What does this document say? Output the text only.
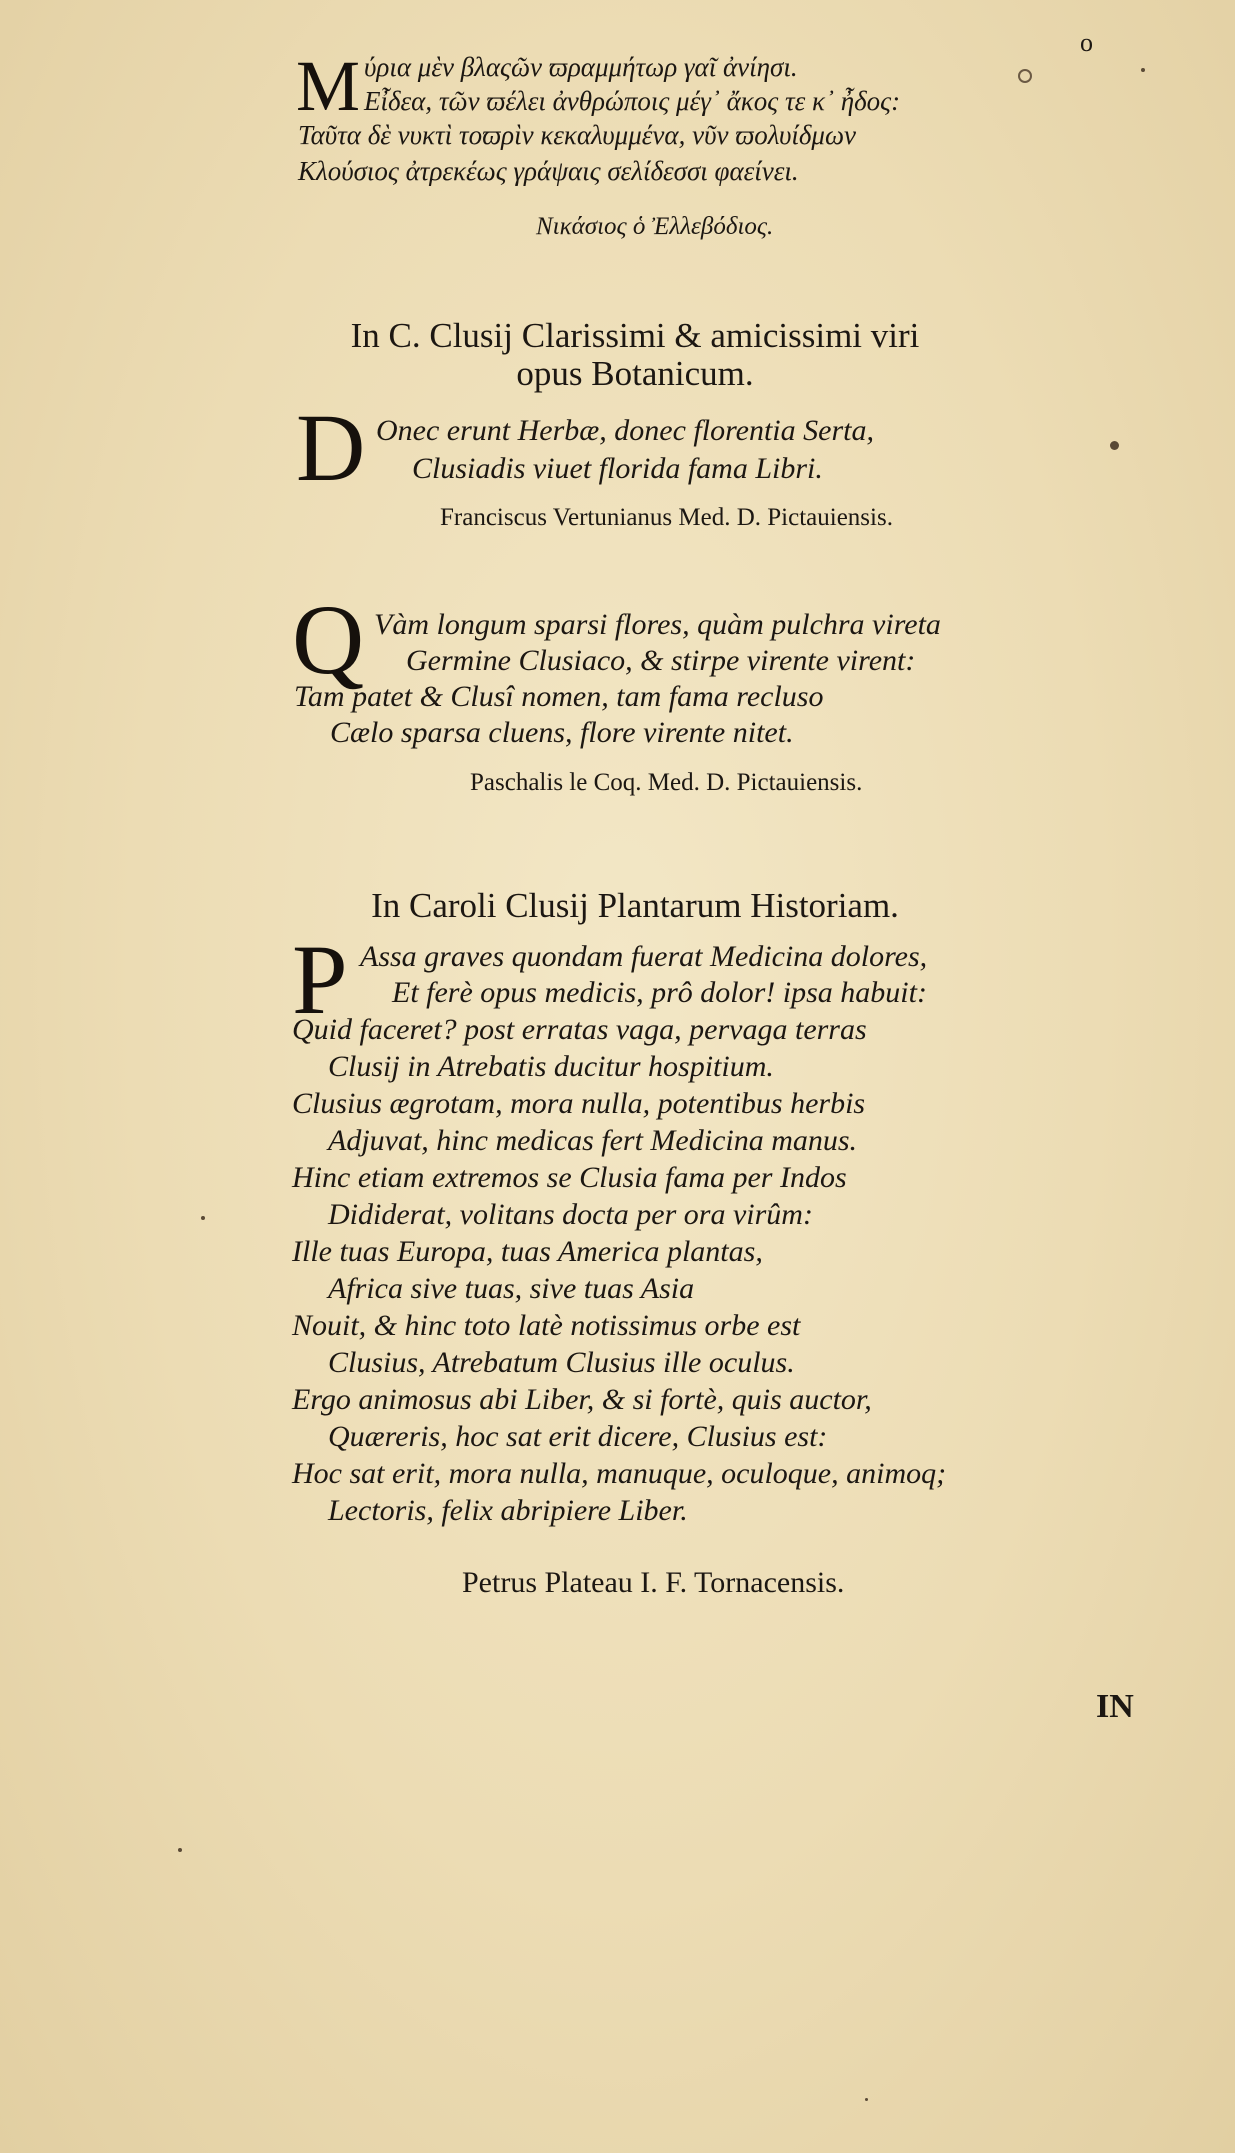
o
M ύρια μὲν βλαςῶν ϖραμμήτωρ γαῖ ἀνίησι.
Εἶδεα, τῶν ϖέλει ἀνθρώποις μέγ᾽ ἄκος τε κ᾽ ἦδος:
Ταῦτα δὲ νυκτὶ τοϖρὶν κεκαλυμμένα, νῦν ϖολυίδμων
Κλούσιος ἀτρεκέως γράψαις σελίδεσσι φαείνει.
Νικάσιος ὁ Ἐλλεβόδιος.
In C. Clusij Clarissimi & amicissimi viri
opus Botanicum.
D Onec erunt Herbæ, donec florentia Serta,
Clusiadis viuet florida fama Libri.
Franciscus Vertunianus Med. D. Pictauiensis.
Q Vàm longum sparsi flores, quàm pulchra vireta
Germine Clusiaco, & stirpe virente virent:
Tam patet & Clusî nomen, tam fama recluso
Cælo sparsa cluens, flore virente nitet.
Paschalis le Coq. Med. D. Pictauiensis.
In Caroli Clusij Plantarum Historiam.
P Assa graves quondam fuerat Medicina dolores,
Et ferè opus medicis, prô dolor! ipsa habuit:
Quid faceret? post erratas vaga, pervaga terras
Clusij in Atrebatis ducitur hospitium.
Clusius ægrotam, mora nulla, potentibus herbis
Adjuvat, hinc medicas fert Medicina manus.
Hinc etiam extremos se Clusia fama per Indos
Dididerat, volitans docta per ora virûm:
Ille tuas Europa, tuas America plantas,
Africa sive tuas, sive tuas Asia
Nouit, & hinc toto latè notissimus orbe est
Clusius, Atrebatum Clusius ille oculus.
Ergo animosus abi Liber, & si fortè, quis auctor,
Quæreris, hoc sat erit dicere, Clusius est:
Hoc sat erit, mora nulla, manuque, oculoque, animoq;
Lectoris, felix abripiere Liber.
Petrus Plateau I. F. Tornacensis.
IN
